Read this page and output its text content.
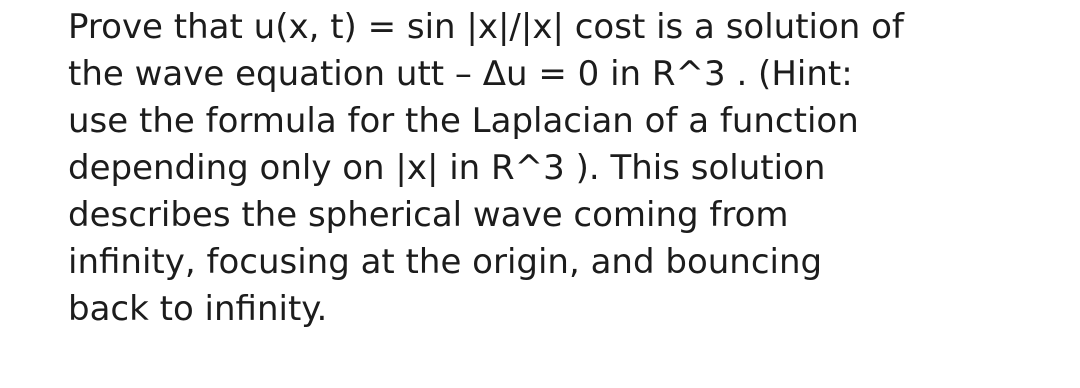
Prove that u(x, t) = sin |x|/|x| cost is a solution of
the wave equation utt – Δu = 0 in R^3 . (Hint:
use the formula for the Laplacian of a function
depending only on |x| in R^3 ). This solution
describes the spherical wave coming from
infinity, focusing at the origin, and bouncing
back to infinity.
